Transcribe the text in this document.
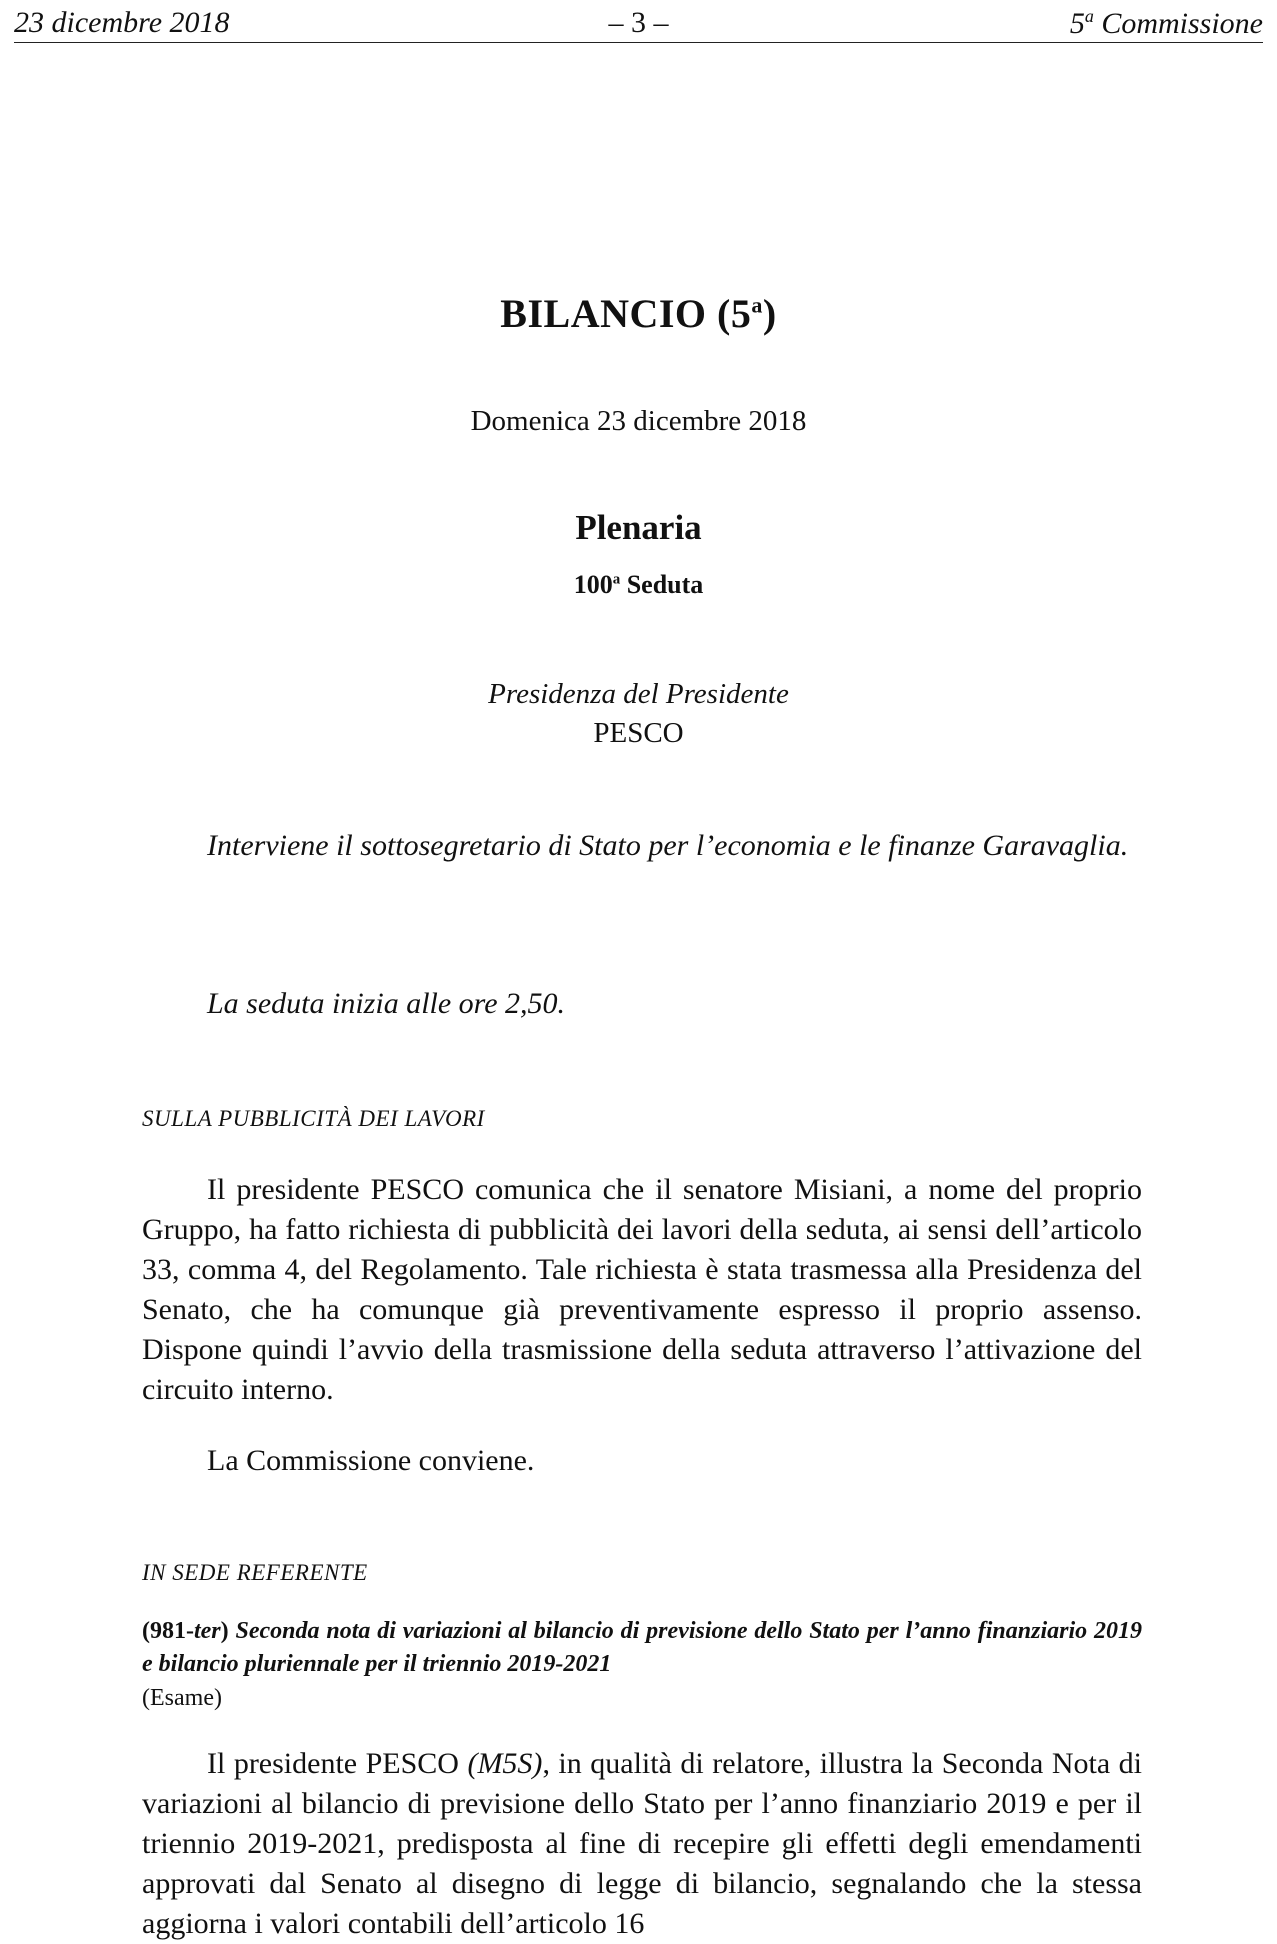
23 dicembre 2018	– 3 –	5$^a$ Commissione
BILANCIO (5$^a$)
Domenica 23 dicembre 2018
Plenaria
100$^a$ Seduta
Presidenza del Presidente
PESCO
Interviene il sottosegretario di Stato per l’economia e le finanze Garavaglia.
La seduta inizia alle ore 2,50.
SULLA PUBBLICITÀ DEI LAVORI
Il presidente PESCO comunica che il senatore Misiani, a nome del proprio Gruppo, ha fatto richiesta di pubblicità dei lavori della seduta, ai sensi dell’articolo 33, comma 4, del Regolamento. Tale richiesta è stata trasmessa alla Presidenza del Senato, che ha comunque già preventivamente espresso il proprio assenso. Dispone quindi l’avvio della trasmissione della seduta attraverso l’attivazione del circuito interno.
La Commissione conviene.
IN SEDE REFERENTE
(981-ter) Seconda nota di variazioni al bilancio di previsione dello Stato per l’anno finanziario 2019 e bilancio pluriennale per il triennio 2019-2021
(Esame)
Il presidente PESCO (M5S), in qualità di relatore, illustra la Seconda Nota di variazioni al bilancio di previsione dello Stato per l’anno finanziario 2019 e per il triennio 2019-2021, predisposta al fine di recepire gli effetti degli emendamenti approvati dal Senato al disegno di legge di bilancio, segnalando che la stessa aggiorna i valori contabili dell’articolo 16
